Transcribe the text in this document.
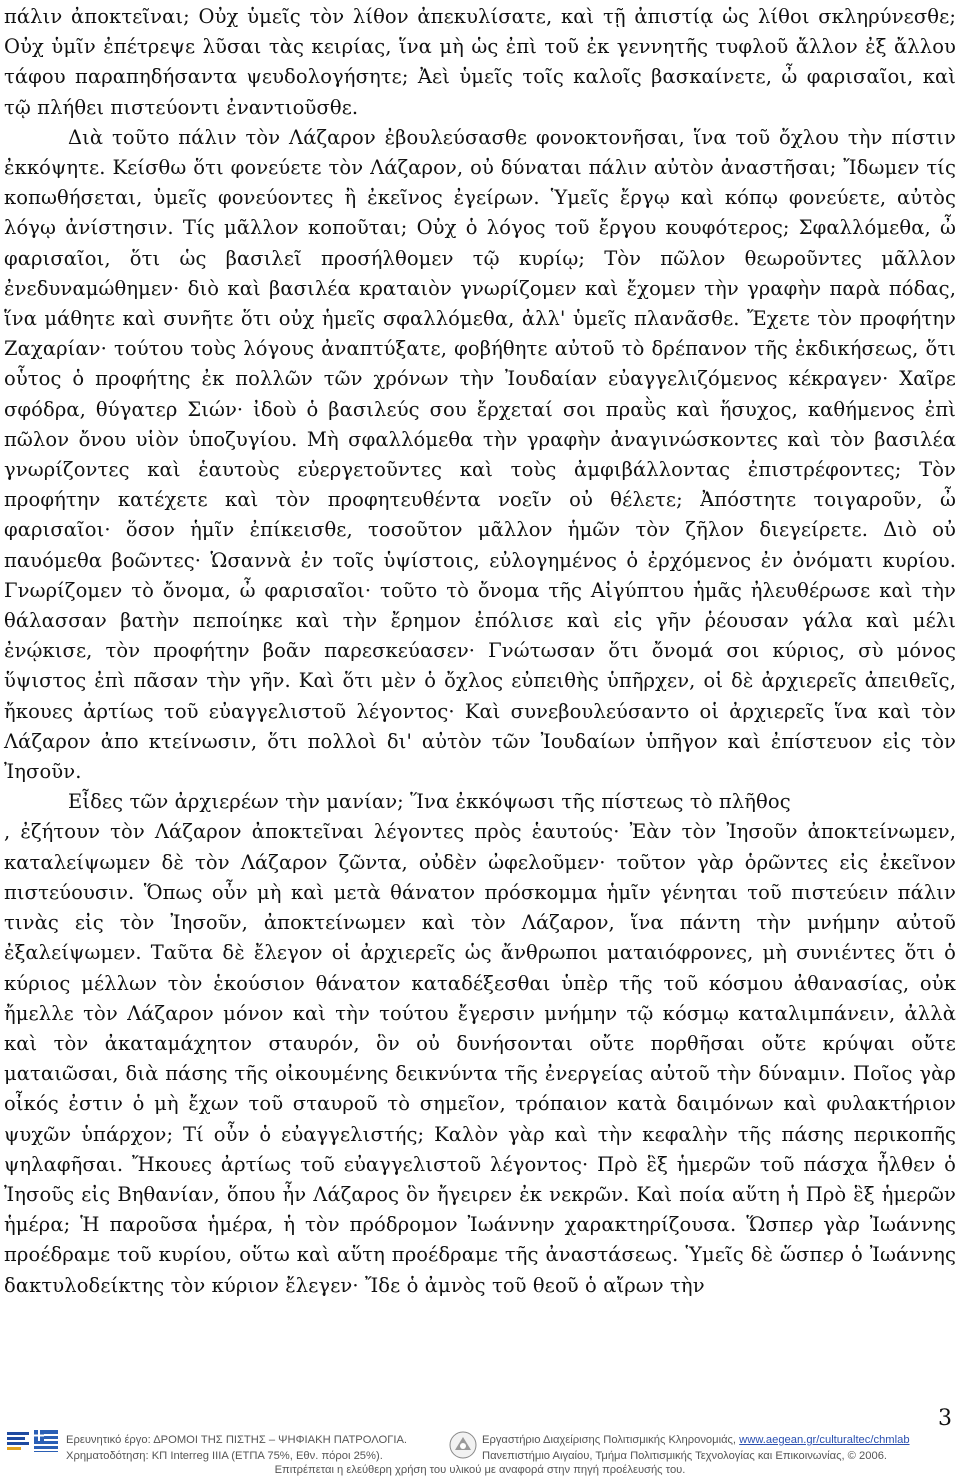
πάλιν ἀποκτεῖναι; Οὐχ ὑμεῖς τὸν λίθον ἀπεκυλίσατε, καὶ τῇ ἀπιστίᾳ ὡς λίθοι σκληρύνεσθε; Οὐχ ὑμῖν ἐπέτρεψε λῦσαι τὰς κειρίας, ἵνα μὴ ὡς ἐπὶ τοῦ ἐκ γεννητῆς τυφλοῦ ἄλλον ἐξ ἄλλου τάφου παραπηδήσαντα ψευδολογήσητε; Ἀεὶ ὑμεῖς τοῖς καλοῖς βασκαίνετε, ὦ φαρισαῖοι, καὶ τῷ πλήθει πιστεύοντι ἐναντιοῦσθε.

Διὰ τοῦτο πάλιν τὸν Λάζαρον ἐβουλεύσασθε φονοκτονῆσαι, ἵνα τοῦ ὄχλου τὴν πίστιν ἐκκόψητε. Κείσθω ὅτι φονεύετε τὸν Λάζαρον, οὐ δύναται πάλιν αὐτὸν ἀναστῆσαι; Ἴδωμεν τίς κοπωθήσεται, ὑμεῖς φονεύοντες ἢ ἐκεῖνος ἐγείρων. Ὑμεῖς ἔργῳ καὶ κόπῳ φονεύετε, αὐτὸς λόγῳ ἀνίστησιν. Τίς μᾶλλον κοποῦται; Οὐχ ὁ λόγος τοῦ ἔργου κουφότερος; Σφαλλόμεθα, ὦ φαρισαῖοι, ὅτι ὡς βασιλεῖ προσήλθομεν τῷ κυρίῳ; Τὸν πῶλον θεωροῦντες μᾶλλον ἐνεδυναμώθημεν· διὸ καὶ βασιλέα κραταιὸν γνωρίζομεν καὶ ἔχομεν τὴν γραφὴν παρὰ πόδας, ἵνα μάθητε καὶ συνῆτε ὅτι οὐχ ἡμεῖς σφαλλόμεθα, ἀλλ' ὑμεῖς πλανᾶσθε. Ἔχετε τὸν προφήτην Ζαχαρίαν· τούτου τοὺς λόγους ἀναπτύξατε, φοβήθητε αὐτοῦ τὸ δρέπανον τῆς ἐκδικήσεως, ὅτι οὗτος ὁ προφήτης ἐκ πολλῶν τῶν χρόνων τὴν Ἰουδαίαν εὐαγγελιζόμενος κέκραγεν· Χαῖρε σφόδρα, θύγατερ Σιών· ἰδοὺ ὁ βασιλεύς σου ἔρχεταί σοι πραῢς καὶ ἥσυχος, καθήμενος ἐπὶ πῶλον ὄνου υἱὸν ὑποζυγίου. Μὴ σφαλλόμεθα τὴν γραφὴν ἀναγινώσκοντες καὶ τὸν βασιλέα γνωρίζοντες καὶ ἑαυτοὺς εὐεργετοῦντες καὶ τοὺς ἀμφιβάλλοντας ἐπιστρέφοντες; Τὸν προφήτην κατέχετε καὶ τὸν προφητευθέντα νοεῖν οὐ θέλετε; Ἀπόστητε τοιγαροῦν, ὦ φαρισαῖοι· ὅσον ἡμῖν ἐπίκεισθε, τοσοῦτον μᾶλλον ἡμῶν τὸν ζῆλον διεγείρετε. Διὸ οὐ παυόμεθα βοῶντες· Ὡσαννὰ ἐν τοῖς ὑψίστοις, εὐλογημένος ὁ ἐρχόμενος ἐν ὀνόματι κυρίου. Γνωρίζομεν τὸ ὄνομα, ὦ φαρισαῖοι· τοῦτο τὸ ὄνομα τῆς Αἰγύπτου ἡμᾶς ἠλευθέρωσε καὶ τὴν θάλασσαν βατὴν πεποίηκε καὶ τὴν ἔρημον ἐπόλισε καὶ εἰς γῆν ῥέουσαν γάλα καὶ μέλι ἐνῴκισε, τὸν προφήτην βοᾶν παρεσκεύασεν· Γνώτωσαν ὅτι ὄνομά σοι κύριος, σὺ μόνος ὕψιστος ἐπὶ πᾶσαν τὴν γῆν. Καὶ ὅτι μὲν ὁ ὄχλος εὐπειθὴς ὑπῆρχεν, οἱ δὲ ἀρχιερεῖς ἀπειθεῖς, ἤκουες ἀρτίως τοῦ εὐαγγελιστοῦ λέγοντος· Καὶ συνεβουλεύσαντο οἱ ἀρχιερεῖς ἵνα καὶ τὸν Λάζαρον ἀπο κτείνωσιν, ὅτι πολλοὶ δι' αὐτὸν τῶν Ἰουδαίων ὑπῆγον καὶ ἐπίστευον εἰς τὸν Ἰησοῦν.

Εἶδες τῶν ἀρχιερέων τὴν μανίαν; Ἵνα ἐκκόψωσι τῆς πίστεως τὸ πλῆθος

, ἐζήτουν τὸν Λάζαρον ἀποκτεῖναι λέγοντες πρὸς ἑαυτούς· Ἐὰν τὸν Ἰησοῦν ἀποκτείνωμεν, καταλείψωμεν δὲ τὸν Λάζαρον ζῶντα, οὐδὲν ὠφελοῦμεν· τοῦτον γὰρ ὁρῶντες εἰς ἐκεῖνον πιστεύουσιν. Ὅπως οὖν μὴ καὶ μετὰ θάνατον πρόσκομμα ἡμῖν γένηται τοῦ πιστεύειν πάλιν τινὰς εἰς τὸν Ἰησοῦν, ἀποκτείνωμεν καὶ τὸν Λάζαρον, ἵνα πάντη τὴν μνήμην αὐτοῦ ἐξαλείψωμεν. Ταῦτα δὲ ἔλεγον οἱ ἀρχιερεῖς ὡς ἄνθρωποι ματαιόφρονες, μὴ συνιέντες ὅτι ὁ κύριος μέλλων τὸν ἑκούσιον θάνατον καταδέξεσθαι ὑπὲρ τῆς τοῦ κόσμου ἀθανασίας, οὐκ ἤμελλε τὸν Λάζαρον μόνον καὶ τὴν τούτου ἔγερσιν μνήμην τῷ κόσμῳ καταλιμπάνειν, ἀλλὰ καὶ τὸν ἀκαταμάχητον σταυρόν, ὃν οὐ δυνήσονται οὔτε πορθῆσαι οὔτε κρύψαι οὔτε ματαιῶσαι, διὰ πάσης τῆς οἰκουμένης δεικνύντα τῆς ἐνεργείας αὐτοῦ τὴν δύναμιν. Ποῖος γὰρ οἶκός ἐστιν ὁ μὴ ἔχων τοῦ σταυροῦ τὸ σημεῖον, τρόπαιον κατὰ δαιμόνων καὶ φυλακτήριον ψυχῶν ὑπάρχον; Τί οὖν ὁ εὐαγγελιστής; Καλὸν γὰρ καὶ τὴν κεφαλὴν τῆς πάσης περικοπῆς ψηλαφῆσαι. Ἤκουες ἀρτίως τοῦ εὐαγγελιστοῦ λέγοντος· Πρὸ ἓξ ἡμερῶν τοῦ πάσχα ἦλθεν ὁ Ἰησοῦς εἰς Βηθανίαν, ὅπου ἦν Λάζαρος ὃν ἤγειρεν ἐκ νεκρῶν. Καὶ ποία αὕτη ἡ Πρὸ ἓξ ἡμερῶν ἡμέρα; Ἡ παροῦσα ἡμέρα, ἡ τὸν πρόδρομον Ἰωάννην χαρακτηρίζουσα. Ὥσπερ γὰρ Ἰωάννης προέδραμε τοῦ κυρίου, οὕτω καὶ αὕτη προέδραμε τῆς ἀναστάσεως. Ὑμεῖς δὲ ὥσπερ ὁ Ἰωάννης δακτυλοδείκτης τὸν κύριον ἔλεγεν· Ἴδε ὁ ἀμνὸς τοῦ θεοῦ ὁ αἴρων τὴν

3
Ερευνητικό έργο: ΔΡΟΜΟΙ ΤΗΣ ΠΙΣΤΗΣ – ΨΗΦΙΑΚΗ ΠΑΤΡΟΛΟΓΙΑ.
Χρηματοδότηση: ΚΠ Interreg IIIA (ΕΤΠΑ 75%, Εθν. πόροι 25%).
Εργαστήριο Διαχείρισης Πολιτισμικής Κληρονομιάς, www.aegean.gr/culturaltec/chmlab
Πανεπιστήμιο Αιγαίου, Τμήμα Πολιτισμικής Τεχνολογίας και Επικοινωνίας, © 2006.
Επιτρέπεται η ελεύθερη χρήση του υλικού με αναφορά στην πηγή προέλευσής του.
